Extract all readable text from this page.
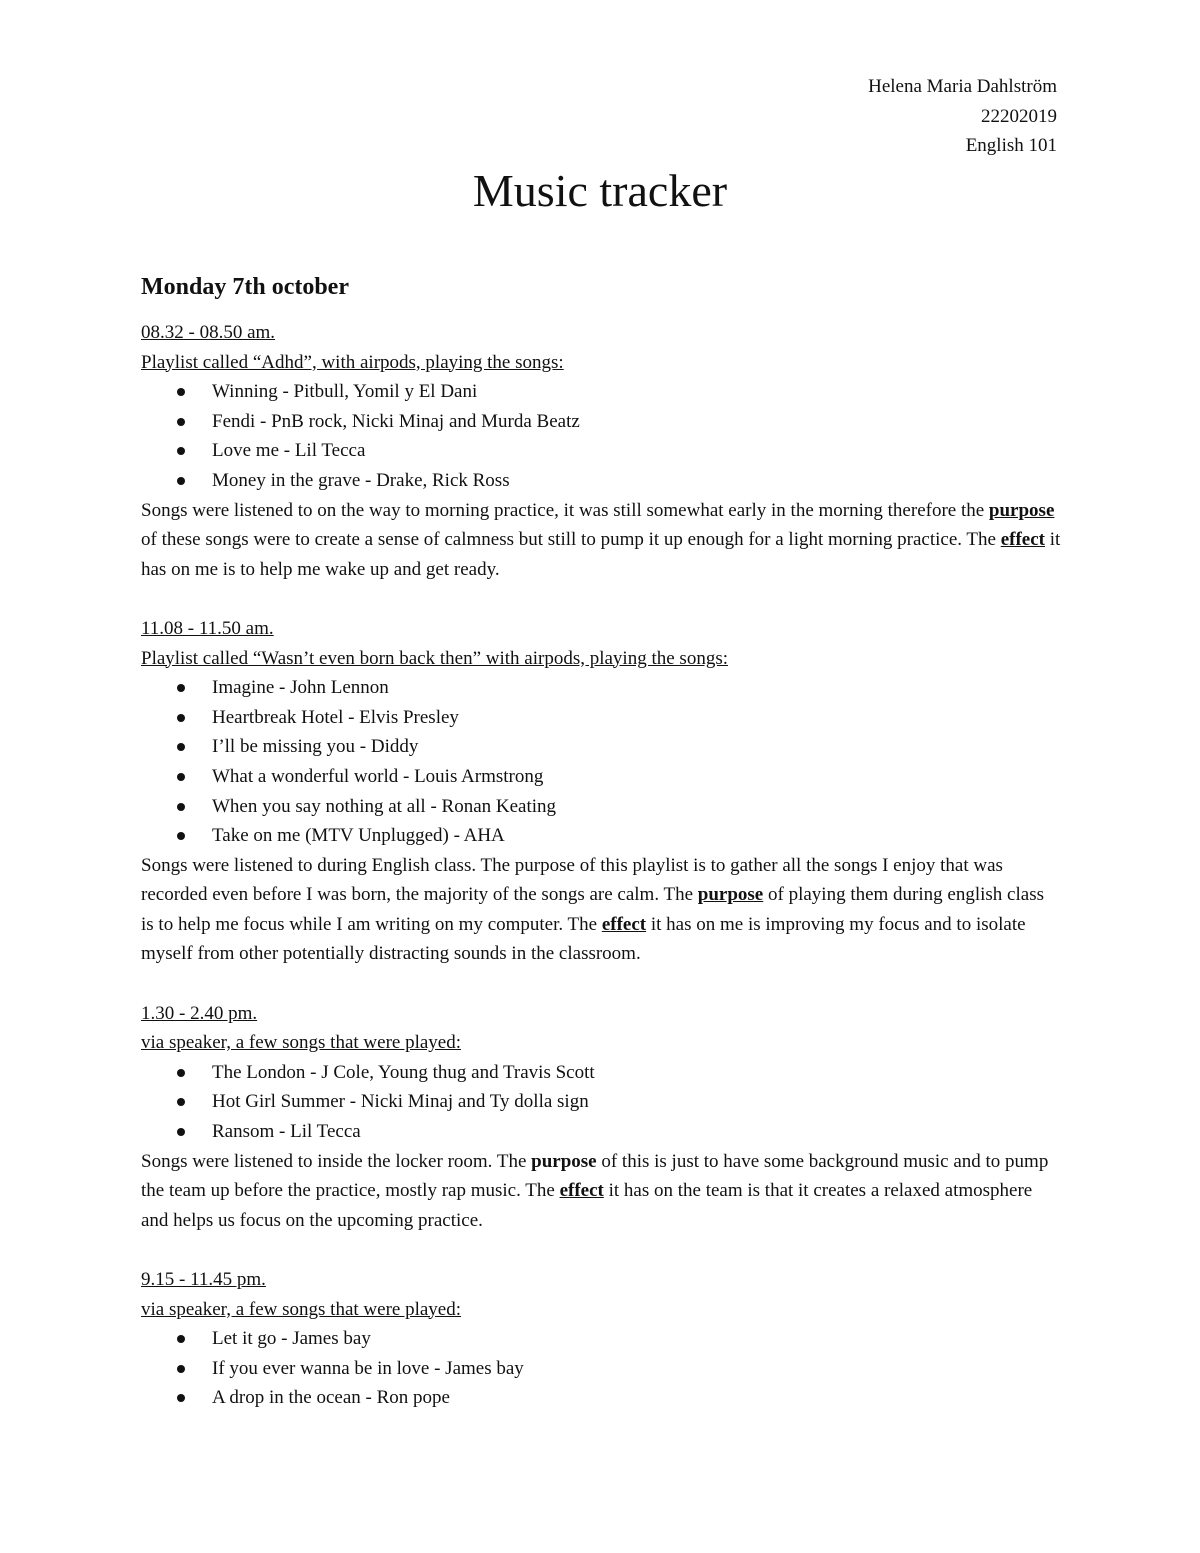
Helena Maria Dahlström
22202019
English 101
Music tracker
Monday 7th october
08.32 - 08.50 am.
Playlist called “Adhd”, with airpods, playing the songs:
Winning - Pitbull, Yomil y El Dani
Fendi - PnB rock, Nicki Minaj and Murda Beatz
Love me - Lil Tecca
Money in the grave - Drake, Rick Ross

Songs were listened to on the way to morning practice, it was still somewhat early in the morning therefore the purpose of these songs were to create a sense of calmness but still to pump it up enough for a light morning practice. The effect it has on me is to help me wake up and get ready.

11.08 - 11.50 am.
Playlist called “Wasn’t even born back then” with airpods, playing the songs:
Imagine - John Lennon
Heartbreak Hotel - Elvis Presley
I’ll be missing you - Diddy
What a wonderful world - Louis Armstrong
When you say nothing at all - Ronan Keating
Take on me (MTV Unplugged) - AHA

Songs were listened to during English class. The purpose of this playlist is to gather all the songs I enjoy that was recorded even before I was born, the majority of the songs are calm. The purpose of playing them during english class is to help me focus while I am writing on my computer. The effect it has on me is improving my focus and to isolate myself from other potentially distracting sounds in the classroom.

1.30 - 2.40 pm.
via speaker, a few songs that were played:
The London - J Cole, Young thug and Travis Scott
Hot Girl Summer - Nicki Minaj and Ty dolla sign
Ransom - Lil Tecca

Songs were listened to inside the locker room. The purpose of this is just to have some background music and to pump the team up before the practice, mostly rap music. The effect it has on the team is that it creates a relaxed atmosphere and helps us focus on the upcoming practice.

9.15 - 11.45 pm.
via speaker, a few songs that were played:
Let it go - James bay
If you ever wanna be in love - James bay
A drop in the ocean - Ron pope
